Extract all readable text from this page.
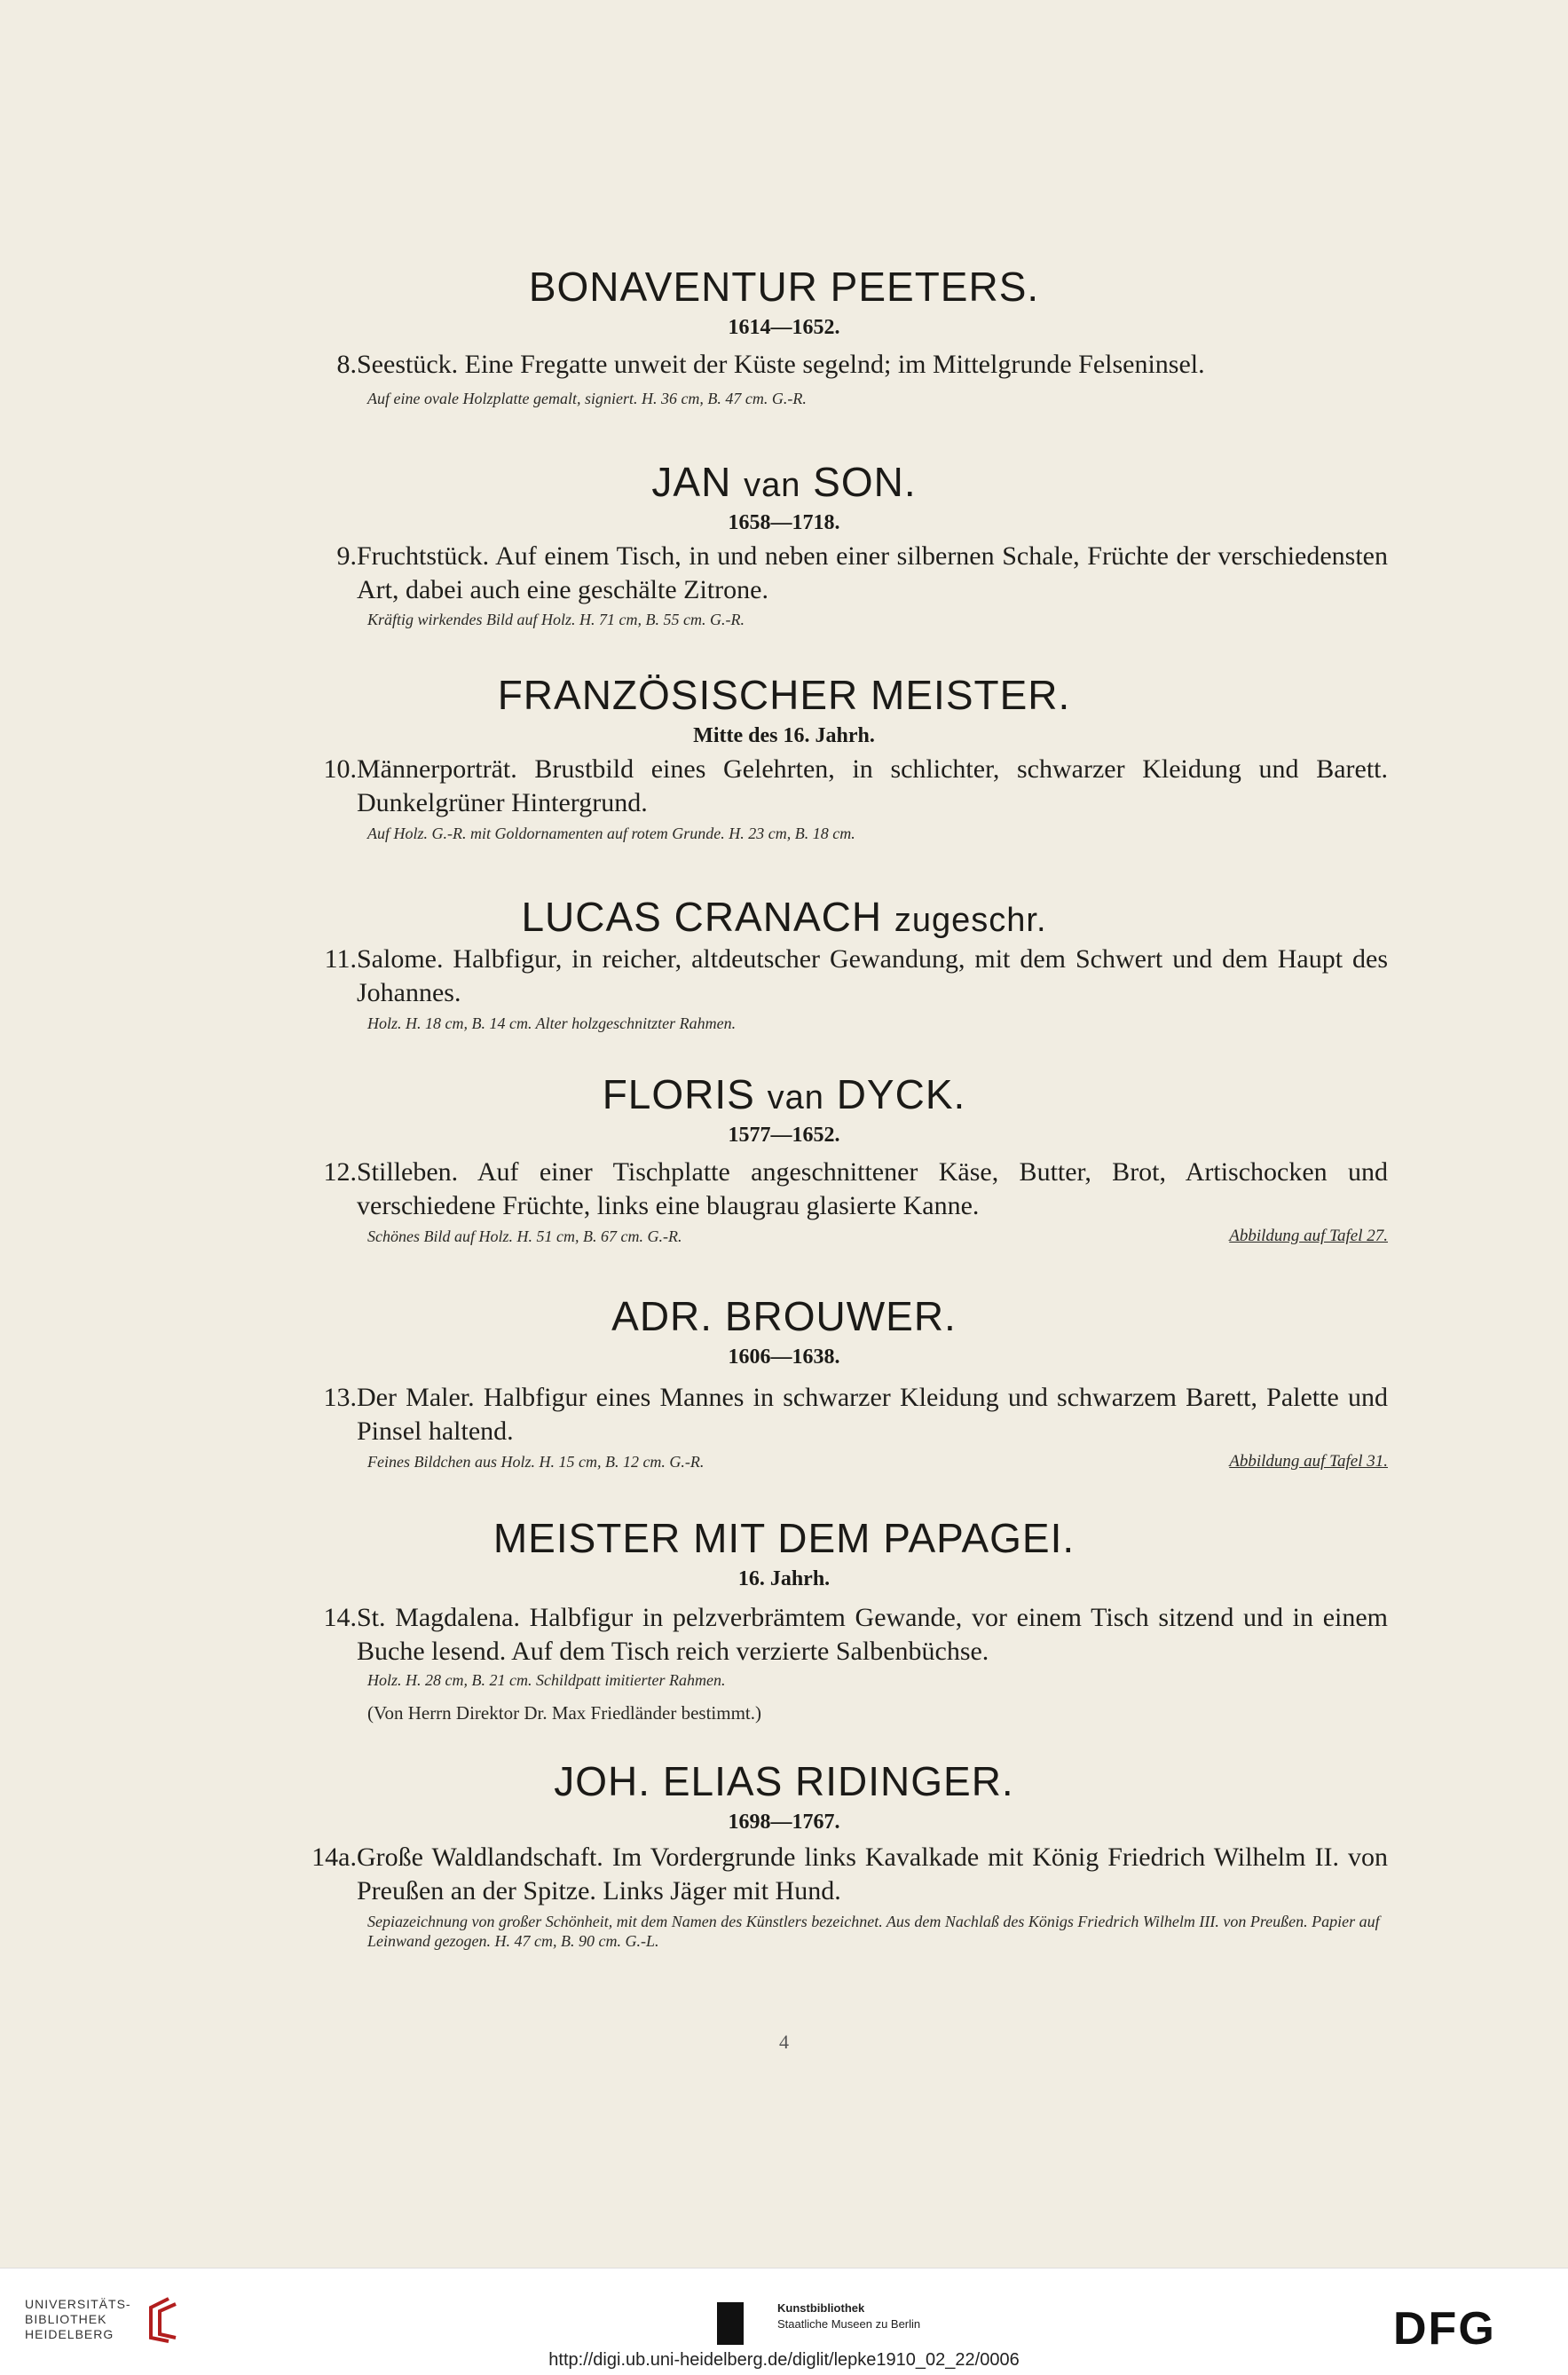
BONAVENTUR PEETERS.
1614—1652.
8. Seestück. Eine Fregatte unweit der Küste segelnd; im Mittelgrunde Felseninsel.
Auf eine ovale Holzplatte gemalt, signiert. H. 36 cm, B. 47 cm. G.-R.
JAN van SON.
1658—1718.
9. Fruchtstück. Auf einem Tisch, in und neben einer silbernen Schale, Früchte der verschiedensten Art, dabei auch eine geschälte Zitrone.
Kräftig wirkendes Bild auf Holz. H. 71 cm, B. 55 cm. G.-R.
FRANZÖSISCHER MEISTER.
Mitte des 16. Jahrh.
10. Männerporträt. Brustbild eines Gelehrten, in schlichter, schwarzer Kleidung und Barett. Dunkelgrüner Hintergrund.
Auf Holz. G.-R. mit Goldornamenten auf rotem Grunde. H. 23 cm, B. 18 cm.
LUCAS CRANACH zugeschr.
11. Salome. Halbfigur, in reicher, altdeutscher Gewandung, mit dem Schwert und dem Haupt des Johannes.
Holz. H. 18 cm, B. 14 cm. Alter holzgeschnitzter Rahmen.
FLORIS van DYCK.
1577—1652.
12. Stilleben. Auf einer Tischplatte angeschnittener Käse, Butter, Brot, Artischocken und verschiedene Früchte, links eine blaugrau glasierte Kanne.
Schönes Bild auf Holz. H. 51 cm, B. 67 cm. G.-R.	Abbildung auf Tafel 27.
ADR. BROUWER.
1606—1638.
13. Der Maler. Halbfigur eines Mannes in schwarzer Kleidung und schwarzem Barett, Palette und Pinsel haltend.
Feines Bildchen aus Holz. H. 15 cm, B. 12 cm. G.-R.	Abbildung auf Tafel 31.
MEISTER MIT DEM PAPAGEI.
16. Jahrh.
14. St. Magdalena. Halbfigur in pelzverbrämtem Gewande, vor einem Tisch sitzend und in einem Buche lesend. Auf dem Tisch reich verzierte Salbenbüchse.
Holz. H. 28 cm, B. 21 cm. Schildpatt imitierter Rahmen.
(Von Herrn Direktor Dr. Max Friedländer bestimmt.)
JOH. ELIAS RIDINGER.
1698—1767.
14a. Große Waldlandschaft. Im Vordergrunde links Kavalkade mit König Friedrich Wilhelm II. von Preußen an der Spitze. Links Jäger mit Hund.
Sepiazeichnung von großer Schönheit, mit dem Namen des Künstlers bezeichnet. Aus dem Nachlaß des Königs Friedrich Wilhelm III. von Preußen. Papier auf Leinwand gezogen. H. 47 cm, B. 90 cm. G.-L.
4
UNIVERSITÄTS-
BIBLIOTHEK
HEIDELBERG
Kunstbibliothek
Staatliche Museen zu Berlin	DFG
http://digi.ub.uni-heidelberg.de/diglit/lepke1910_02_22/0006
